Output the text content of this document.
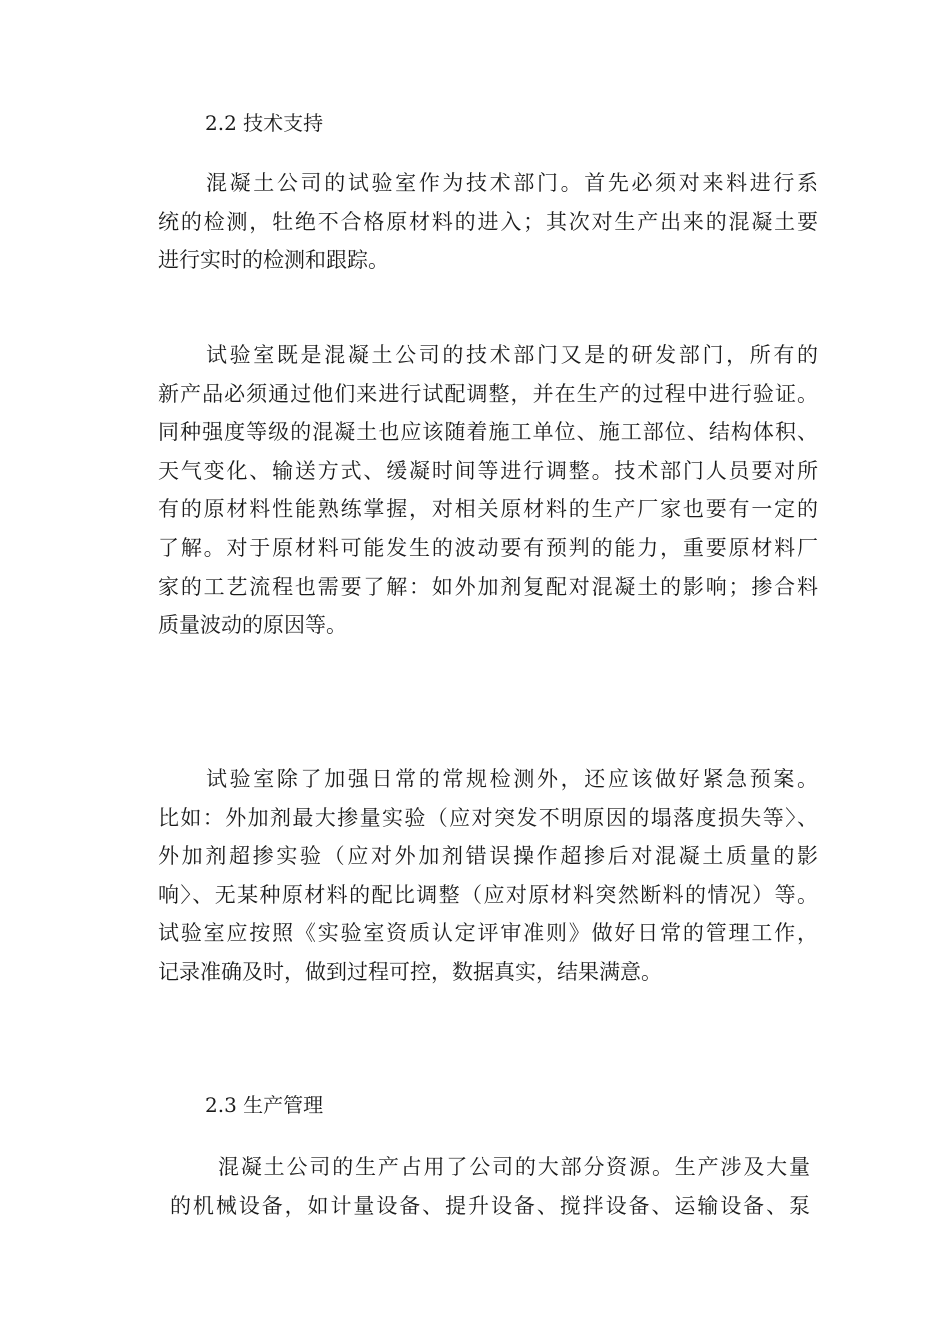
2.2 技术支持
混凝土公司的试验室作为技术部门。首先必须对来料进行系
统的检测，牡绝不合格原材料的进入；其次对生产出来的混凝土要
进行实时的检测和跟踪。
试验室既是混凝土公司的技术部门又是的研发部门，所有的
新产品必须通过他们来进行试配调整，并在生产的过程中进行验证。
同种强度等级的混凝土也应该随着施工单位、施工部位、结构体积、
天气变化、输送方式、缓凝时间等进行调整。技术部门人员要对所
有的原材料性能熟练掌握，对相关原材料的生产厂家也要有一定的
了解。对于原材料可能发生的波动要有预判的能力，重要原材料厂
家的工艺流程也需要了解：如外加剂复配对混凝土的影响；掺合料
质量波动的原因等。
试验室除了加强日常的常规检测外，还应该做好紧急预案。
比如：外加剂最大掺量实验（应对突发不明原因的塌落度损失等〉、
外加剂超掺实验（应对外加剂错误操作超掺后对混凝土质量的影
响〉、无某种原材料的配比调整（应对原材料突然断料的情况）等。
试验室应按照《实验室资质认定评审准则》做好日常的管理工作，
记录准确及时，做到过程可控，数据真实，结果满意。
2.3 生产管理
混凝土公司的生产占用了公司的大部分资源。生产涉及大量
的机械设备，如计量设备、提升设备、搅拌设备、运输设备、泵
